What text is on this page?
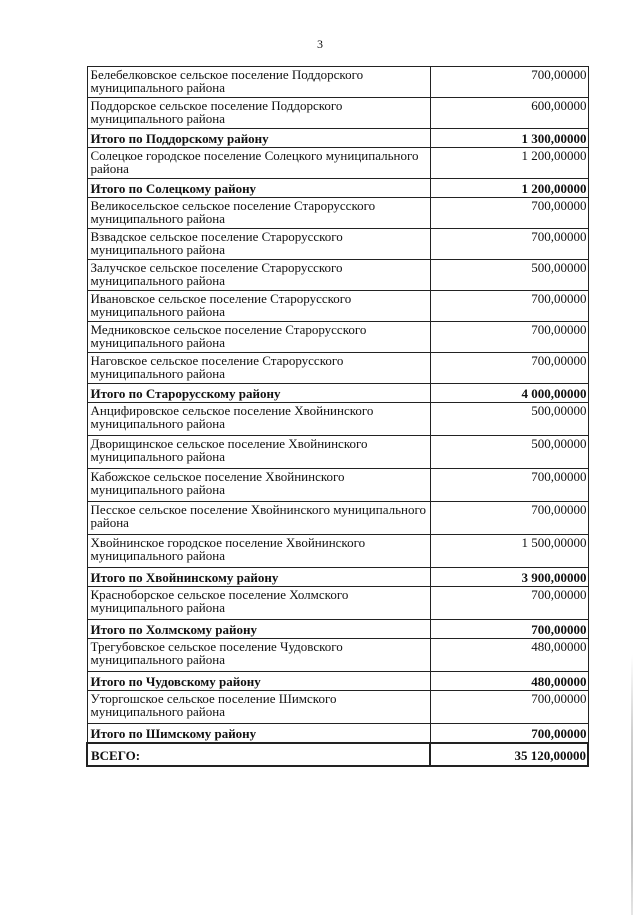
3
Белебелковское сельское поселение Поддорского муниципального района	700,00000
Поддорское сельское поселение Поддорского муниципального района	600,00000
Итого по Поддорскому району	1 300,00000
Солецкое городское поселение Солецкого муниципального района	1 200,00000
Итого по Солецкому району	1 200,00000
Великосельское сельское поселение Старорусского муниципального района	700,00000
Взвадское сельское поселение Старорусского муниципального района	700,00000
Залучское сельское поселение Старорусского муниципального района	500,00000
Ивановское сельское поселение Старорусского муниципального района	700,00000
Медниковское сельское поселение Старорусского муниципального района	700,00000
Наговское сельское поселение Старорусского муниципального района	700,00000
Итого по Старорусскому району	4 000,00000
Анцифировское сельское поселение Хвойнинского муниципального района	500,00000
Дворищинское сельское поселение Хвойнинского муниципального района	500,00000
Кабожское сельское поселение Хвойнинского муниципального района	700,00000
Песское сельское поселение Хвойнинского муниципального района	700,00000
Хвойнинское городское поселение Хвойнинского муниципального района	1 500,00000
Итого по Хвойнинскому району	3 900,00000
Красноборское сельское поселение Холмского муниципального района	700,00000
Итого по Холмскому району	700,00000
Трегубовское сельское поселение Чудовского муниципального района	480,00000
Итого по Чудовскому району	480,00000
Уторгошское сельское поселение Шимского муниципального района	700,00000
Итого по Шимскому району	700,00000
ВСЕГО:	35 120,00000
